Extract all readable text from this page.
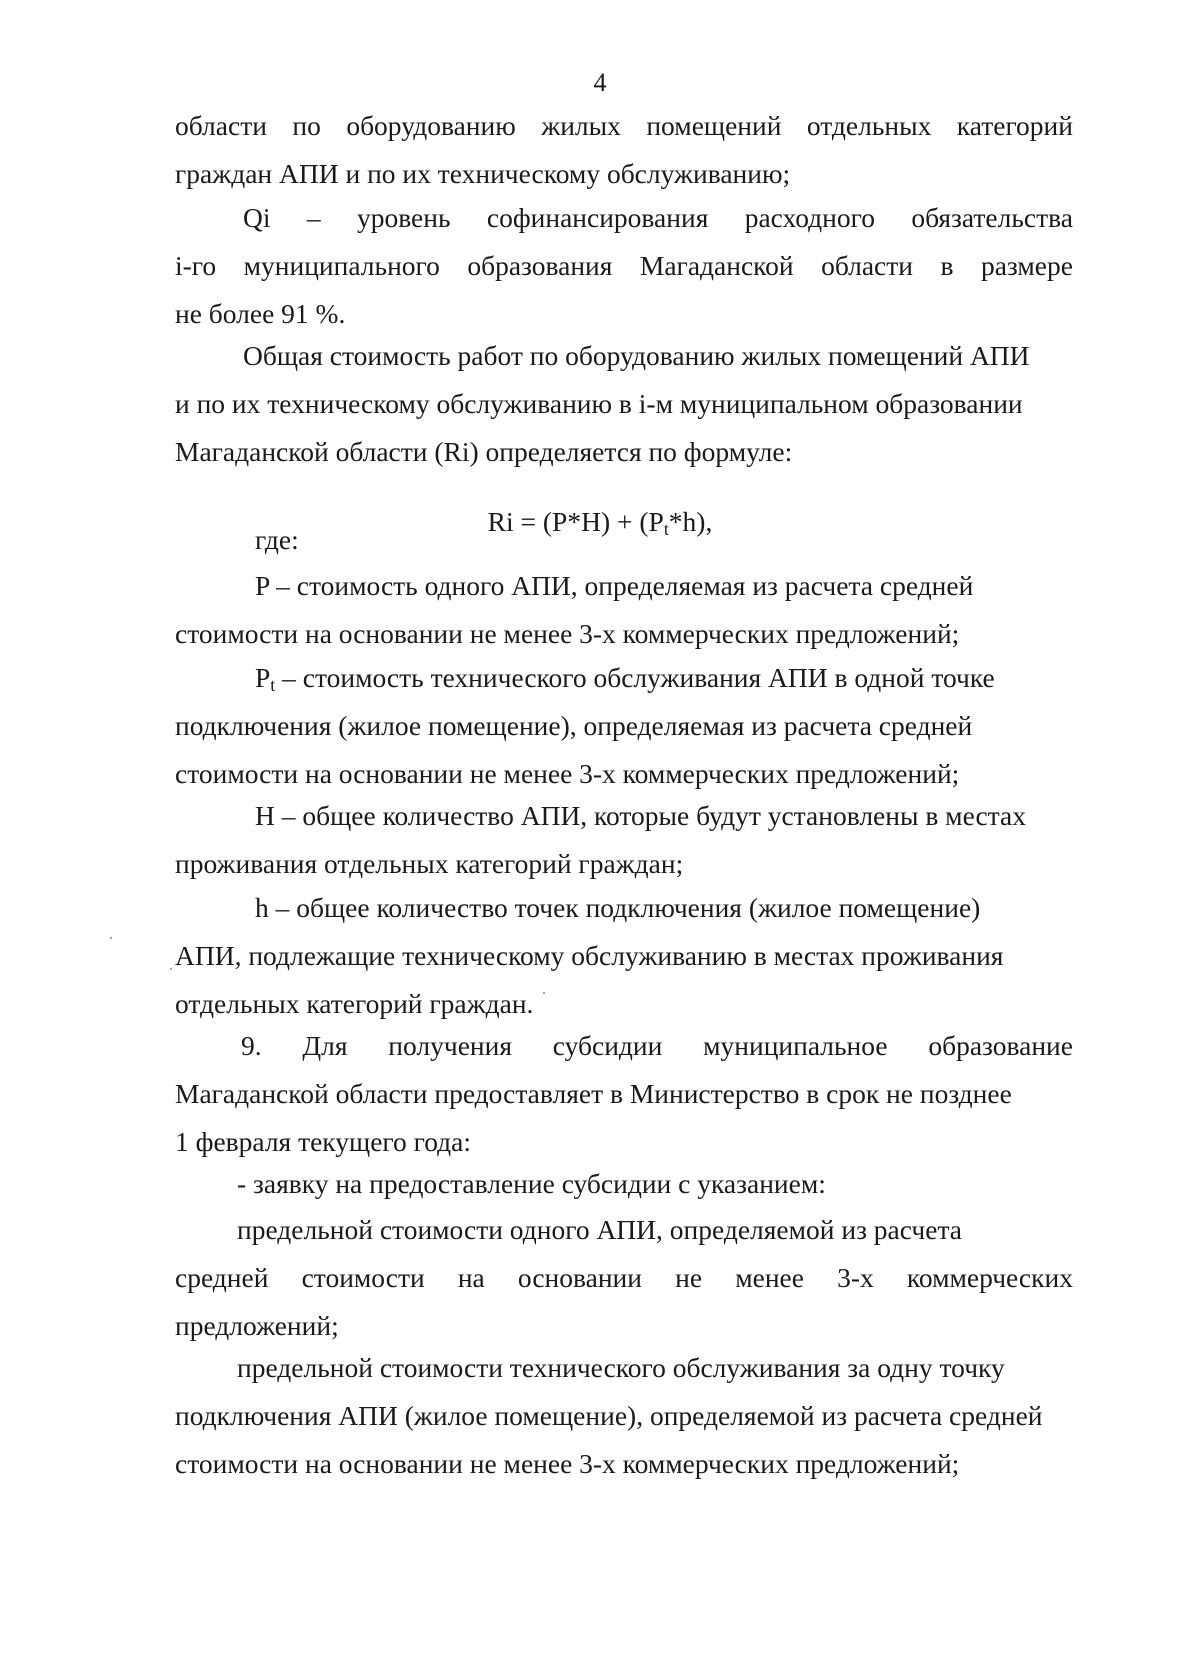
4
области по оборудованию жилых помещений отдельных категорий
граждан АПИ и по их техническому обслуживанию;
Qi – уровень софинансирования расходного обязательства
i-го муниципального образования Магаданской области в размере
не более 91 %.
Общая стоимость работ по оборудованию жилых помещений АПИ
и по их техническому обслуживанию в i-м муниципальном образовании
Магаданской области (Ri) определяется по формуле:
$Ri = (P*H) + (P_t*h)$,
где:
P – стоимость одного АПИ, определяемая из расчета средней
стоимости на основании не менее 3-х коммерческих предложений;
$P_t$ – стоимость технического обслуживания АПИ в одной точке
подключения (жилое помещение), определяемая из расчета средней
стоимости на основании не менее 3-х коммерческих предложений;
H – общее количество АПИ, которые будут установлены в местах
проживания отдельных категорий граждан;
h – общее количество точек подключения (жилое помещение)
АПИ, подлежащие техническому обслуживанию в местах проживания
отдельных категорий граждан.
9. Для получения субсидии муниципальное образование
Магаданской области предоставляет в Министерство в срок не позднее
1 февраля текущего года:
- заявку на предоставление субсидии с указанием:
предельной стоимости одного АПИ, определяемой из расчета
средней стоимости на основании не менее 3-х коммерческих
предложений;
предельной стоимости технического обслуживания за одну точку
подключения АПИ (жилое помещение), определяемой из расчета средней
стоимости на основании не менее 3-х коммерческих предложений;
